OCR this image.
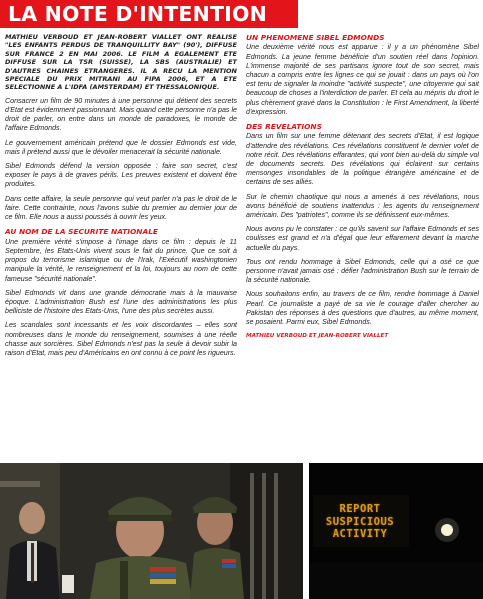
LA NOTE D'INTENTION

MATHIEU VERBOUD ET JEAN-ROBERT VIALLET ONT REALISE "LES ENFANTS PERDUS DE TRANQUILLITY BAY" (90'), DIFFUSE SUR FRANCE 2 EN MAI 2006. LE FILM A EGALEMENT ETE DIFFUSE SUR LA TSR (SUISSE), LA SBS (AUSTRALIE) ET D'AUTRES CHAINES ETRANGERES. IL A RECU LA MENTION SPECIALE DU PRIX MITRANI AU FIPA 2006, ET A ETE SELECTIONNE A L'IDFA (AMSTERDAM) ET THESSALONIQUE.

Consacrer un film de 90 minutes à une personne qui détient des secrets d'Etat est évidemment passionnant. Mais quand cette personne n'a pas le droit de parler, on entre dans un monde de paradoxes, le monde de l'affaire Edmonds.

Le gouvernement américain prétend que le dossier Edmonds est vide, mais il prétend aussi que le dévoiler menacerait la sécurité nationale.

Sibel Edmonds défend la version opposée : faire son secret, c'est exposer le pays à de graves périls. Les preuves existent et doivent être produites.

Dans cette affaire, la seule personne qui veut parler n'a pas le droit de le faire. Cette contrainte, nous l'avons subie du premier au dernier jour de ce film. Elle nous a aussi poussés à ouvrir les yeux.

AU NOM DE LA SECURITE NATIONALE

Une première vérité s'impose à l'image dans ce film : depuis le 11 Septembre, les Etats-Unis vivent sous le fait du prince. Que ce soit à propos du terrorisme islamique ou de l'Irak, l'Exécutif washingtonien manipule la vérité, le renseignement et la loi, toujours au nom de cette fameuse "sécurité nationale".

Sibel Edmonds vit dans une grande démocratie mais à la mauvaise époque. L'administration Bush est l'une des administrations les plus belliciste de l'histoire des Etats-Unis, l'une des plus secrètes aussi.

Les scandales sont incessants et les voix discordantes – elles sont nombreuses dans le monde du renseignement, soumises à une réelle chasse aux sorcières. Sibel Edmonds n'est pas la seule à devoir subir la raison d'Etat, mais peu d'Américains en ont connu à ce point les rigueurs.

UN PHENOMENE SIBEL EDMONDS

Une deuxième vérité nous est apparue : il y a un phénomène Sibel Edmonds. La jeune femme bénéficie d'un soutien réel dans l'opinion. L'immense majorité de ses partisans ignore tout de son secret, mais chacun a compris entre les lignes ce qui se jouait : dans un pays où l'on est tenu de signaler la moindre "activité suspecte", une citoyenne qui sait beaucoup de choses a l'interdiction de parler. Et cela au mépris du droit le plus chèrement gravé dans la Constitution : le First Amendment, la liberté d'expression.

DES REVELATIONS

Dans un film sur une femme détenant des secrets d'Etat, il est logique d'attendre des révélations. Ces révélations constituent le dernier volet de notre récit. Des révélations effarantes, qui vont bien au-delà du simple vol de documents secrets. Des révélations qui éclairent sur certains mensonges insondables de la politique étrangère américaine et de certains de ses alliés.

Sur le chemin chaotique qui nous a amenés à ces révélations, nous avons bénéficié de soutiens inattendus : les agents du renseignement américain. Des "patriotes", comme ils se définissent eux-mêmes.

Nous avons pu le constater : ce qu'ils savent sur l'affaire Edmonds et ses coulisses est grand et n'a d'égal que leur effarement devant la marche actuelle du pays.

Tous ont rendu hommage à Sibel Edmonds, celle qui a osé ce que personne n'avait jamais osé : défier l'administration Bush sur le terrain de la sécurité nationale.

Nous souhaitons enfin, au travers de ce film, rendre hommage à Daniel Pearl. Ce journaliste a payé de sa vie le courage d'aller chercher au Pakistan des réponses à des questions que d'autres, au même moment, se posaient. Parmi eux, Sibel Edmonds.

MATHIEU VERBOUD ET JEAN-ROBERT VIALLET
REPORT SUSPICIOUS ACTIVITY
